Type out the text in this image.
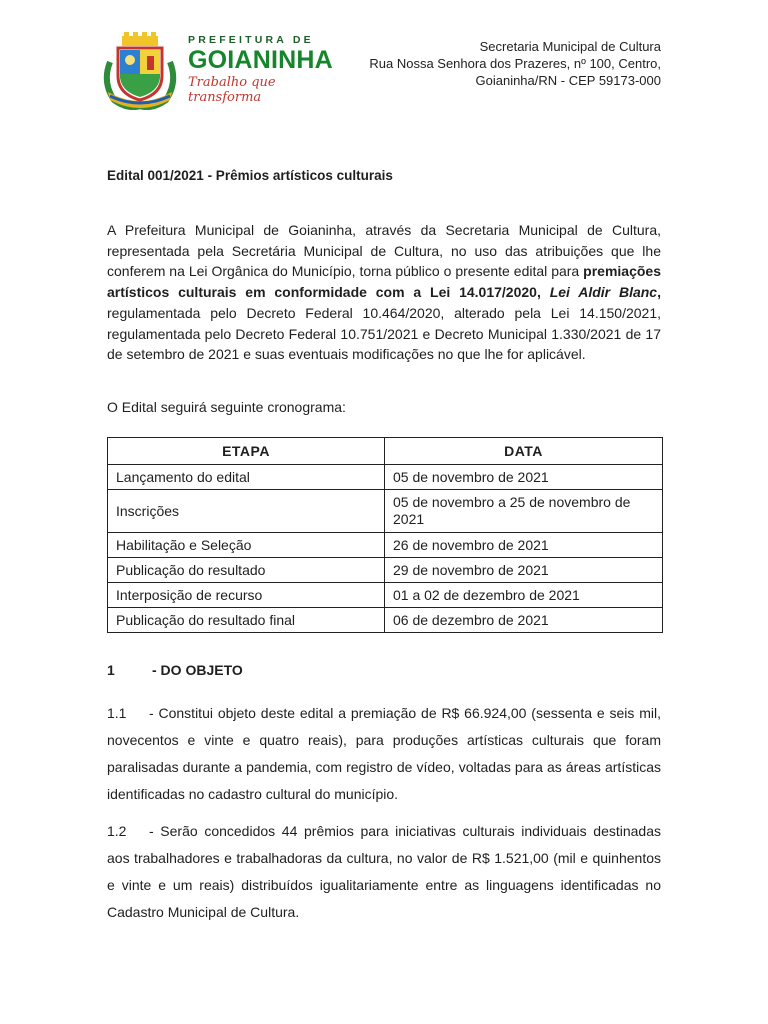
PREFEITURA DE
GOIANINHA
Trabalho que transforma
Secretaria Municipal de Cultura
Rua Nossa Senhora dos Prazeres, nº 100, Centro,
Goianinha/RN - CEP 59173-000
Edital 001/2021 - Prêmios artísticos culturais
A Prefeitura Municipal de Goianinha, através da Secretaria Municipal de Cultura, representada pela Secretária Municipal de Cultura, no uso das atribuições que lhe conferem na Lei Orgânica do Município, torna público o presente edital para premiações artísticos culturais em conformidade com a Lei 14.017/2020, Lei Aldir Blanc, regulamentada pelo Decreto Federal 10.464/2020, alterado pela Lei 14.150/2021, regulamentada pelo Decreto Federal 10.751/2021 e Decreto Municipal 1.330/2021 de 17 de setembro de 2021 e suas eventuais modificações no que lhe for aplicável.
O Edital seguirá seguinte cronograma:
ETAPA	DATA
Lançamento do edital	05 de novembro de 2021
Inscrições	05 de novembro a 25 de novembro de 2021
Habilitação e Seleção	26 de novembro de 2021
Publicação do resultado	29 de novembro de 2021
Interposição de recurso	01 a 02 de dezembro de 2021
Publicação do resultado final	06 de dezembro de 2021
1	- DO OBJETO
1.1 - Constitui objeto deste edital a premiação de R$ 66.924,00 (sessenta e seis mil, novecentos e vinte e quatro reais), para produções artísticas culturais que foram paralisadas durante a pandemia, com registro de vídeo, voltadas para as áreas artísticas identificadas no cadastro cultural do município.
1.2 - Serão concedidos 44 prêmios para iniciativas culturais individuais destinadas aos trabalhadores e trabalhadoras da cultura, no valor de R$ 1.521,00 (mil e quinhentos e vinte e um reais) distribuídos igualitariamente entre as linguagens identificadas no Cadastro Municipal de Cultura.
